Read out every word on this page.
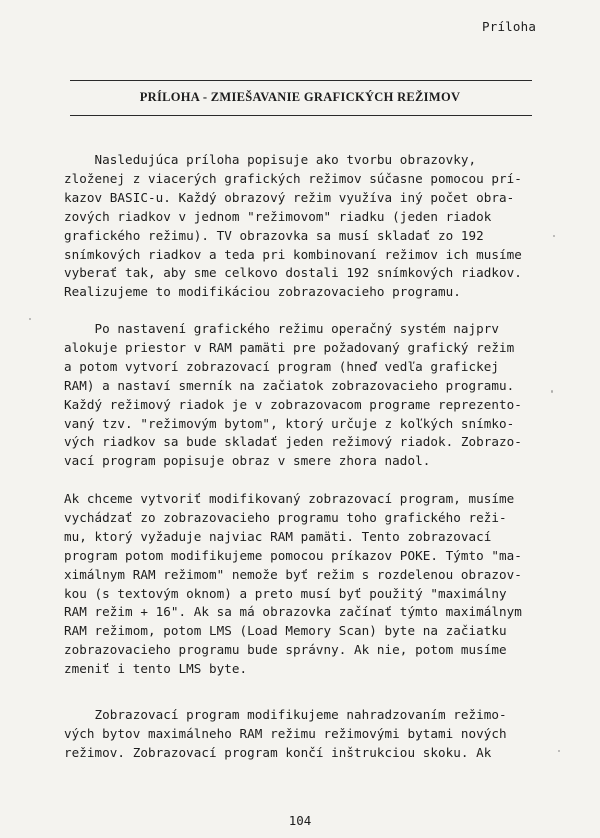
Príloha
PRÍLOHA - ZMIEŠAVANIE GRAFICKÝCH REŽIMOV
Nasledujúca príloha popisuje ako tvorbu obrazovky,
zloženej z viacerých grafických režimov súčasne pomocou prí-
kazov BASIC-u. Každý obrazový režim využíva iný počet obra-
zových riadkov v jednom "režimovom" riadku (jeden riadok
grafického režimu). TV obrazovka sa musí skladať zo 192
snímkových riadkov a teda pri kombinovaní režimov ich musíme
vyberať tak, aby sme celkovo dostali 192 snímkových riadkov.
Realizujeme to modifikáciou zobrazovacieho programu.
Po nastavení grafického režimu operačný systém najprv
alokuje priestor v RAM pamäti pre požadovaný grafický režim
a potom vytvorí zobrazovací program (hneď vedľa grafickej
RAM) a nastaví smerník na začiatok zobrazovacieho programu.
Každý režimový riadok je v zobrazovacom programe reprezento-
vaný tzv. "režimovým bytom", ktorý určuje z koľkých snímko-
vých riadkov sa bude skladať jeden režimový riadok. Zobrazo-
vací program popisuje obraz v smere zhora nadol.
Ak chceme vytvoriť modifikovaný zobrazovací program, musíme
vychádzať zo zobrazovacieho programu toho grafického reži-
mu, ktorý vyžaduje najviac RAM pamäti. Tento zobrazovací
program potom modifikujeme pomocou príkazov POKE. Týmto "ma-
ximálnym RAM režimom" nemože byť režim s rozdelenou obrazov-
kou (s textovým oknom) a preto musí byť použitý "maximálny
RAM režim + 16". Ak sa má obrazovka začínať týmto maximálnym
RAM režimom, potom LMS (Load Memory Scan) byte na začiatku
zobrazovacieho programu bude správny. Ak nie, potom musíme
zmeniť i tento LMS byte.
Zobrazovací program modifikujeme nahradzovaním režimo-
vých bytov maximálneho RAM režimu režimovými bytami nových
režimov. Zobrazovací program končí inštrukciou skoku. Ak
104
